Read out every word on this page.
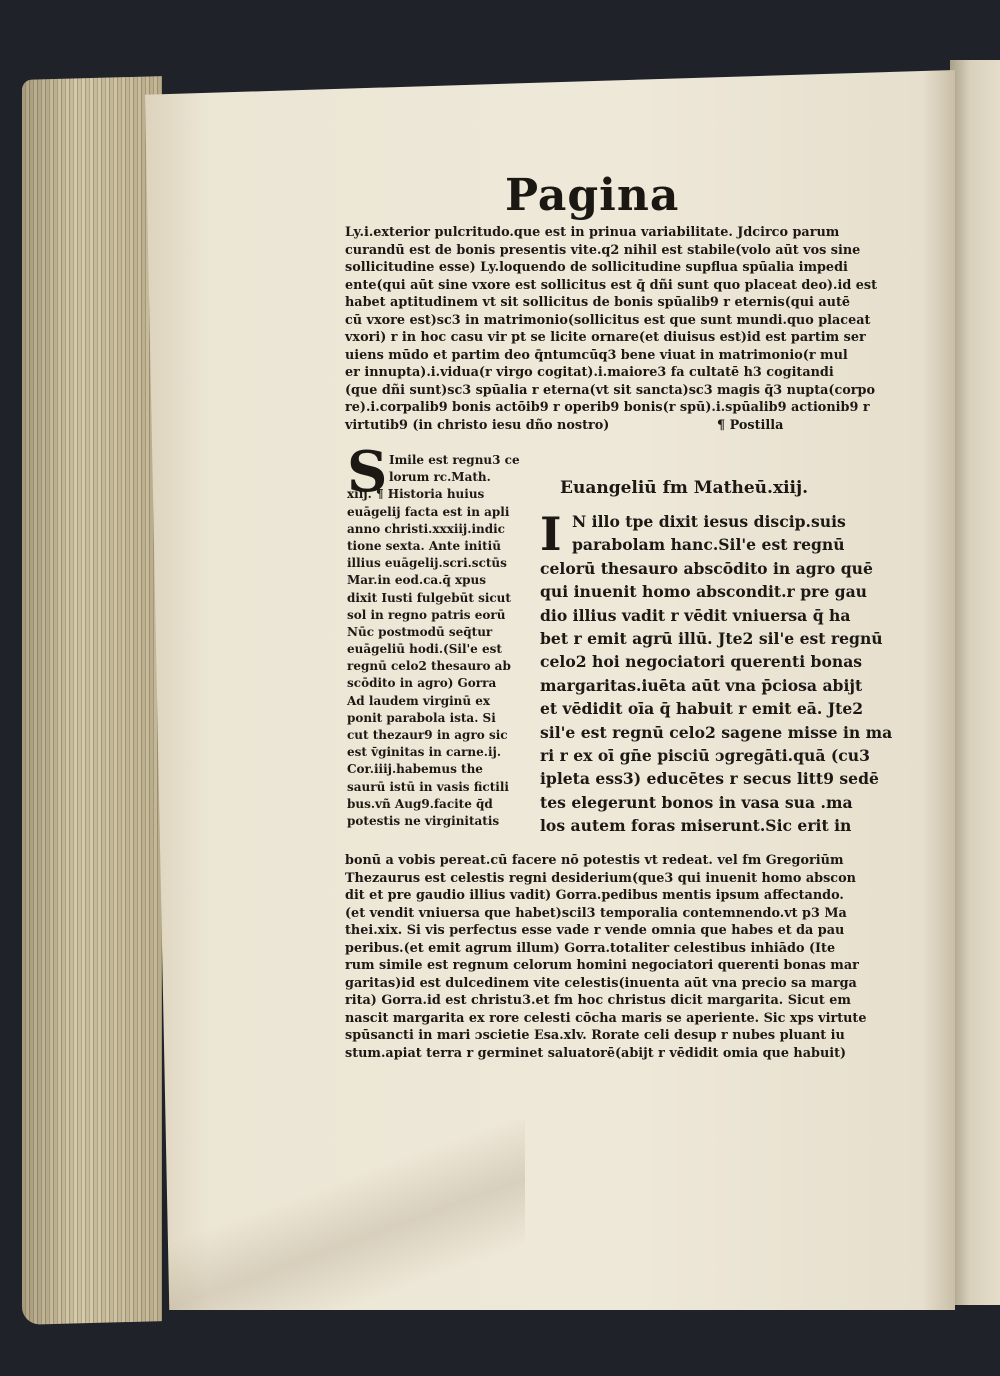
Pagina

Ly.i.exterior pulcritudo.que est in prinua variabilitate. Jdcirco parum

curandū est de bonis presentis vite.q2 nihil est stabile(volo aūt vos sine

sollicitudine esse) Ly.loquendo de sollicitudine supflua spūalia impedi

ente(qui aūt sine vxore est sollicitus est q̄ dñi sunt quo placeat deo).id est

habet aptitudinem vt sit sollicitus de bonis spūalib9 r eternis(qui autē

cū vxore est)sc3 in matrimonio(sollicitus est que sunt mundi.quo placeat

vxori) r in hoc casu vir pt se licite ornare(et diuisus est)id est partim ser

uiens mūdo et partim deo q̄ntumcūq3 bene viuat in matrimonio(r mul

er innupta).i.vidua(r virgo cogitat).i.maiore3 fa cultatē h3 cogitandi

(que dñi sunt)sc3 spūalia r eterna(vt sit sancta)sc3 magis q̄3 nupta(corpo

re).i.corpalib9 bonis actōib9 r operib9 bonis(r spū).i.spūalib9 actionib9 r

virtutib9 (in christo iesu dño nostro)	¶ Postilla

S Imile est regnu3 ce

lorum rc.Math.

xiij. ¶ Historia huius

euāgelij facta est in apli

anno christi.xxxiij.indic

tione sexta. Ante initiū

illius euāgelij.scri.sctūs

Mar.in eod.ca.q̄ xpus

dixit Iusti fulgebūt sicut

sol in regno patris eorū

Nūc postmodū seq̄tur

euāgeliū hodi.(Sil'e est

regnū celo2 thesauro ab

scōdito in agro) Gorra

Ad laudem virginū ex

ponit parabola ista. Si

cut thezaur9 in agro sic

est v̄ginitas in carne.ij.

Cor.iiij.habemus the

saurū istū in vasis fictili

bus.vñ Aug9.facite q̄d

potestis ne virginitatis

Euangeliū fm Matheū.xiij.
I N illo tpe dixit iesus discip.suis

parabolam hanc.Sil'e est regnū

celorū thesauro abscōdito in agro quē

qui inuenit homo abscondit.r pre gau

dio illius vadit r vēdit vniuersa q̄ ha

bet r emit agrū illū. Jte2 sil'e est regnū

celo2 hoi negociatori querenti bonas

margaritas.iuēta aūt vna p̄ciosa abijt

et vēdidit oīa q̄ habuit r emit eā. Jte2

sil'e est regnū celo2 sagene misse in ma

ri r ex oī gn̄e pisciū ɔgregāti.quā (cu3

ipleta ess3) educētes r secus litt9 sedē

tes elegerunt bonos in vasa sua .ma

los autem foras miserunt.Sic erit in

bonū a vobis pereat.cū facere nō potestis vt redeat. vel fm Gregoriūm

Thezaurus est celestis regni desiderium(que3 qui inuenit homo abscon

dit et pre gaudio illius vadit) Gorra.pedibus mentis ipsum affectando.

(et vendit vniuersa que habet)scil3 temporalia contemnendo.vt p3 Ma

thei.xix. Si vis perfectus esse vade r vende omnia que habes et da pau

peribus.(et emit agrum illum) Gorra.totaliter celestibus inhiādo (Ite

rum simile est regnum celorum homini negociatori querenti bonas mar

garitas)id est dulcedinem vite celestis(inuenta aūt vna precio sa marga

rita) Gorra.id est christu3.et fm hoc christus dicit margarita. Sicut em

nascit margarita ex rore celesti cōcha maris se aperiente. Sic xps virtute

spūsancti in mari ɔscietie Esa.xlv. Rorate celi desup r nubes pluant iu

stum.apiat terra r germinet saluatorē(abijt r vēdidit omia que habuit)
